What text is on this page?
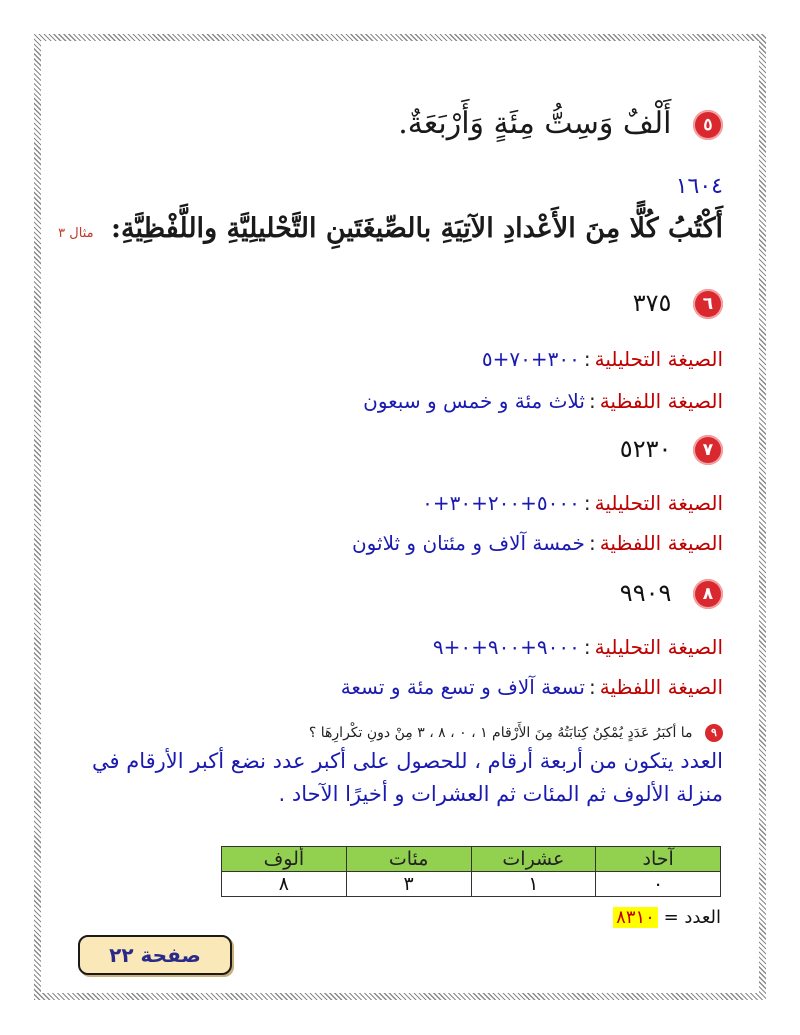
٥ أَلْفٌ وَسِتُّ مِئَةٍ وَأَرْبَعَةٌ.
١٦٠٤
أَكْتُبُ كُلًّا مِنَ الأَعْدادِ الآتِيَةِ بالصِّيغَتَينِ التَّحْليلِيَّةِ واللَّفْظِيَّةِ: مثال ٣
٦ ٣٧٥
الصيغة التحليلية:٣٠٠+٧٠+٥
الصيغة اللفظية:ثلاث مئة و خمس و سبعون
٧ ٥٢٣٠
الصيغة التحليلية:٥٠٠٠+٢٠٠+٣٠+٠
الصيغة اللفظية:خمسة آلاف و مئتان و ثلاثون
٨ ٩٩٠٩
الصيغة التحليلية:٩٠٠٠+٩٠٠+٠+٩
الصيغة اللفظية:تسعة آلاف و تسع مئة و تسعة
٩ ما أكبَرُ عَدَدٍ يُمْكِنُ كِتابَتُهُ مِنَ الأَرْقام ١ ، ٠ ، ٨ ، ٣ مِنْ دونِ تكْرارِهَا ؟
العدد يتكون من أربعة أرقام ، للحصول على أكبر عدد نضع أكبر الأرقام في منزلة الألوف ثم المئات ثم العشرات و أخيرًا الآحاد .
آحاد	عشرات	مئات	ألوف
٠	١	٣	٨
العدد = ٨٣١٠
صفحة ٢٢
